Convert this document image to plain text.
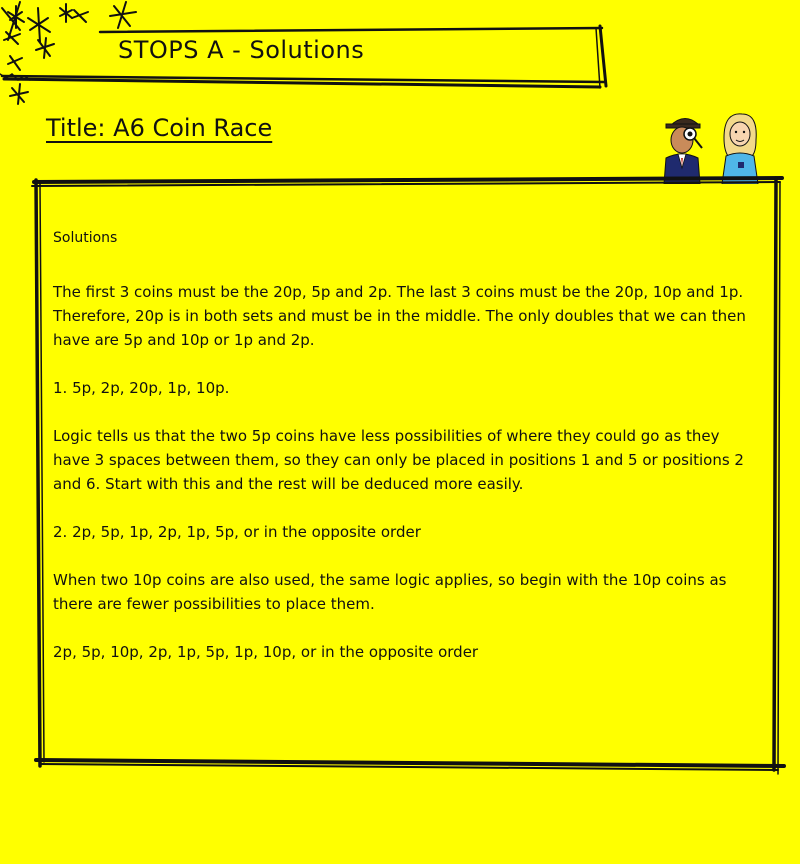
STOPS A - Solutions
Title: A6 Coin Race

Solutions

The first 3 coins must be the 20p, 5p and 2p. The last 3 coins must be the 20p, 10p and 1p. Therefore, 20p is in both sets and must be in the middle. The only doubles that we can then have are 5p and 10p or 1p and 2p.

1. 5p, 2p, 20p, 1p, 10p.

Logic tells us that the two 5p coins have less possibilities of where they could go as they have 3 spaces between them, so they can only be placed in positions 1 and 5 or positions 2 and 6. Start with this and the rest will be deduced more easily.

2. 2p, 5p, 1p, 2p, 1p, 5p, or in the opposite order

When two 10p coins are also used, the same logic applies, so begin with the 10p coins as there are fewer possibilities to place them.

2p, 5p, 10p, 2p, 1p, 5p, 1p, 10p, or in the opposite order
